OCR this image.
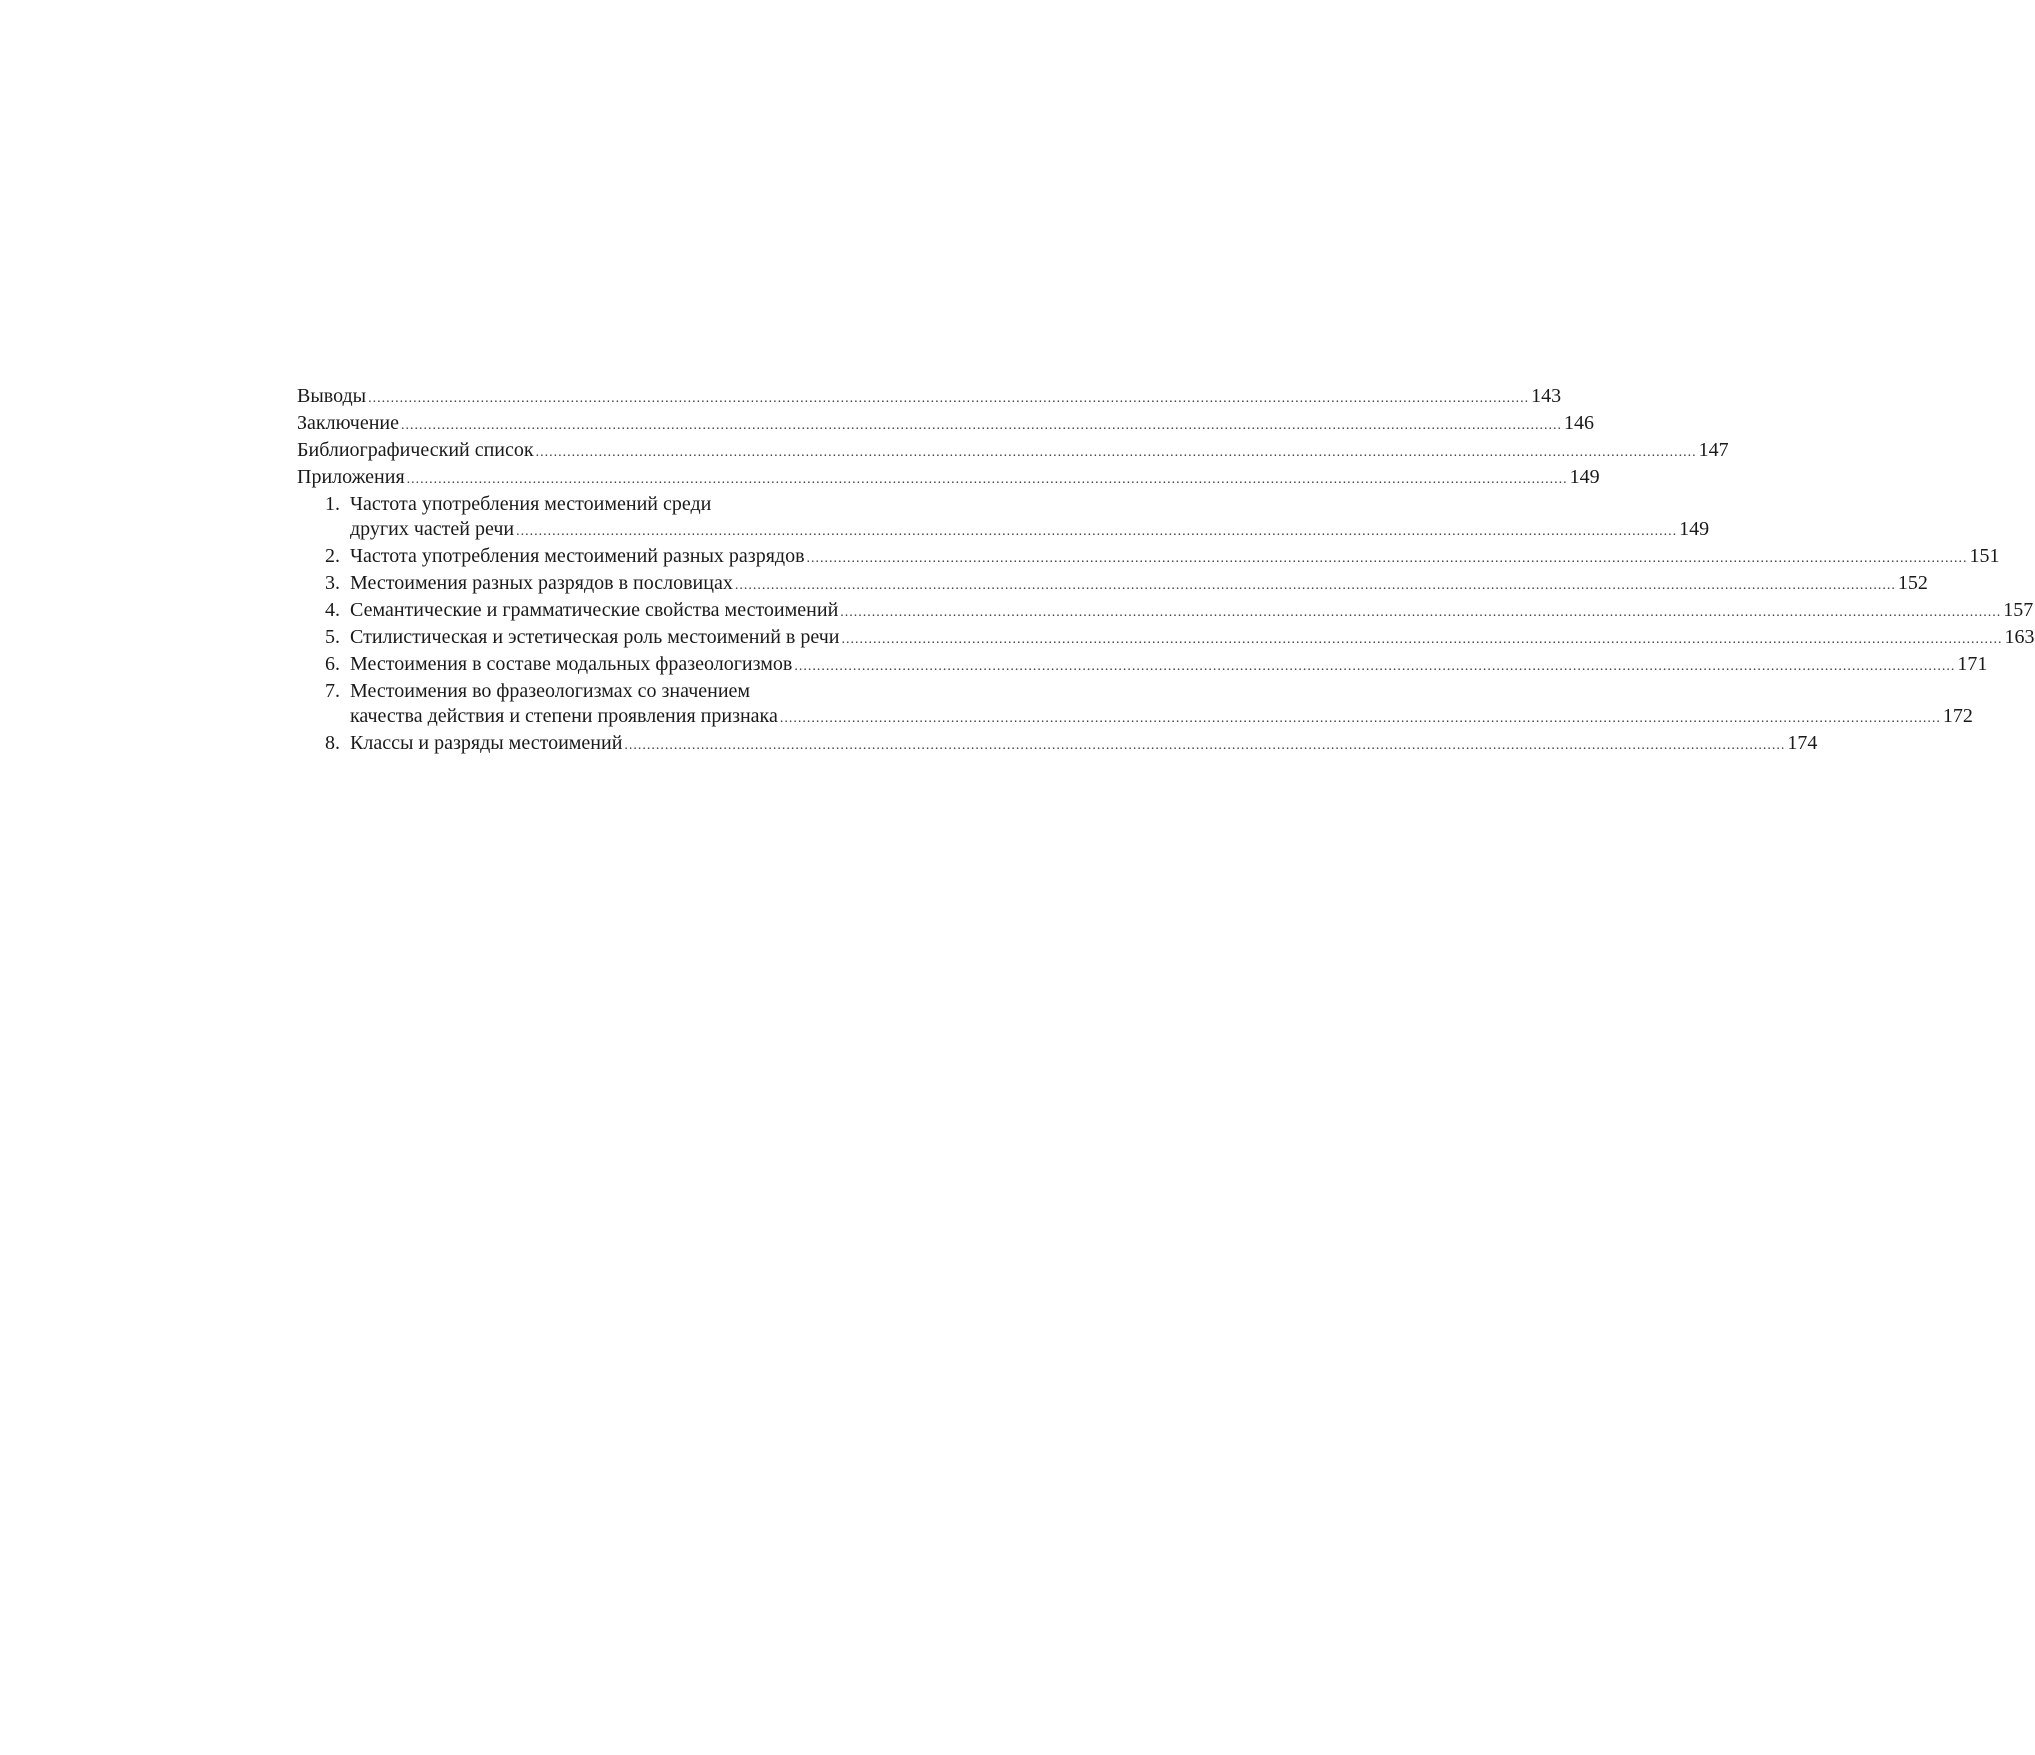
Выводы .....	143
Заключение .....	146
Библиографический список .....	147
Приложения .....	149
1. Частота употребления местоимений среди
других частей речи .....	149
2. Частота употребления местоимений разных разрядов .....	151
3. Местоимения разных разрядов в пословицах .....	152
4. Семантические и грамматические свойства местоимений .....	157
5. Стилистическая и эстетическая роль местоимений в речи .....	163
6. Местоимения в составе модальных фразеологизмов .....	171
7. Местоимения во фразеологизмах со значением
качества действия и степени проявления признака .....	172
8. Классы и разряды местоимений .....	174
